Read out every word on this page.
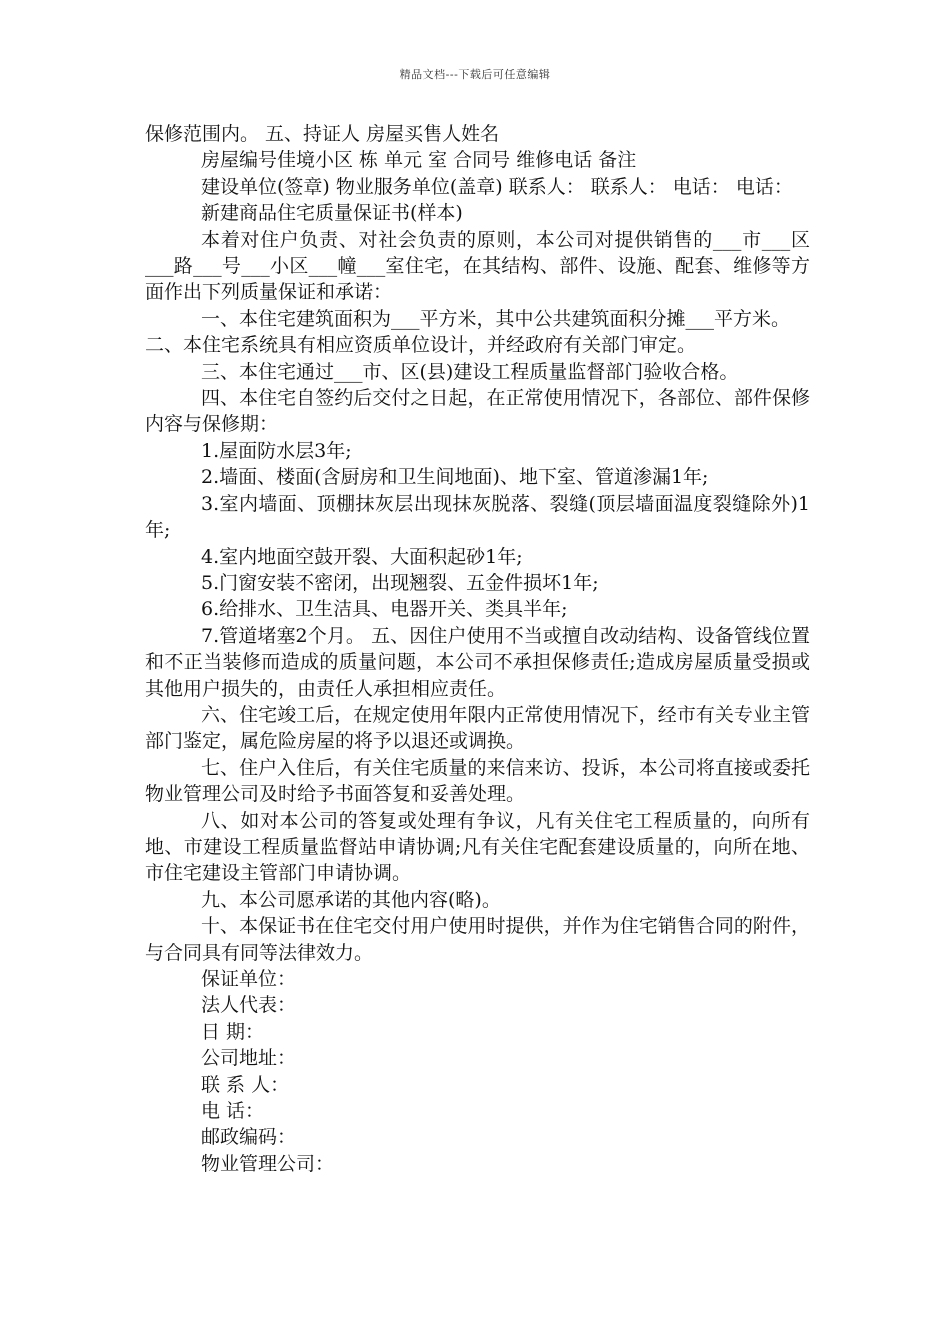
精品文档---下载后可任意编辑

保修范围内。 五、持证人 房屋买售人姓名

房屋编号佳境小区 栋 单元 室 合同号 维修电话 备注

建设单位(签章) 物业服务单位(盖章) 联系人： 联系人： 电话： 电话：

新建商品住宅质量保证书(样本)

本着对住户负责、对社会负责的原则，本公司对提供销售的___市___区___路___号___小区___幢___室住宅，在其结构、部件、设施、配套、维修等方面作出下列质量保证和承诺：

一、本住宅建筑面积为___平方米，其中公共建筑面积分摊___平方米。

二、本住宅系统具有相应资质单位设计，并经政府有关部门审定。

三、本住宅通过___市、区(县)建设工程质量监督部门验收合格。

四、本住宅自签约后交付之日起，在正常使用情况下，各部位、部件保修内容与保修期：

1.屋面防水层3年;

2.墙面、楼面(含厨房和卫生间地面)、地下室、管道渗漏1年;

3.室内墙面、顶棚抹灰层出现抹灰脱落、裂缝(顶层墙面温度裂缝除外)1年;

4.室内地面空鼓开裂、大面积起砂1年;

5.门窗安装不密闭，出现翘裂、五金件损坏1年;

6.给排水、卫生洁具、电器开关、类具半年;

7.管道堵塞2个月。 五、因住户使用不当或擅自改动结构、设备管线位置和不正当装修而造成的质量问题，本公司不承担保修责任;造成房屋质量受损或其他用户损失的，由责任人承担相应责任。

六、住宅竣工后，在规定使用年限内正常使用情况下，经市有关专业主管部门鉴定，属危险房屋的将予以退还或调换。

七、住户入住后，有关住宅质量的来信来访、投诉，本公司将直接或委托物业管理公司及时给予书面答复和妥善处理。

八、如对本公司的答复或处理有争议，凡有关住宅工程质量的，向所有地、市建设工程质量监督站申请协调;凡有关住宅配套建设质量的，向所在地、市住宅建设主管部门申请协调。

九、本公司愿承诺的其他内容(略)。

十、本保证书在住宅交付用户使用时提供，并作为住宅销售合同的附件，与合同具有同等法律效力。

保证单位：

法人代表：

日 期：

公司地址：

联 系 人：

电 话：

邮政编码：

物业管理公司：
